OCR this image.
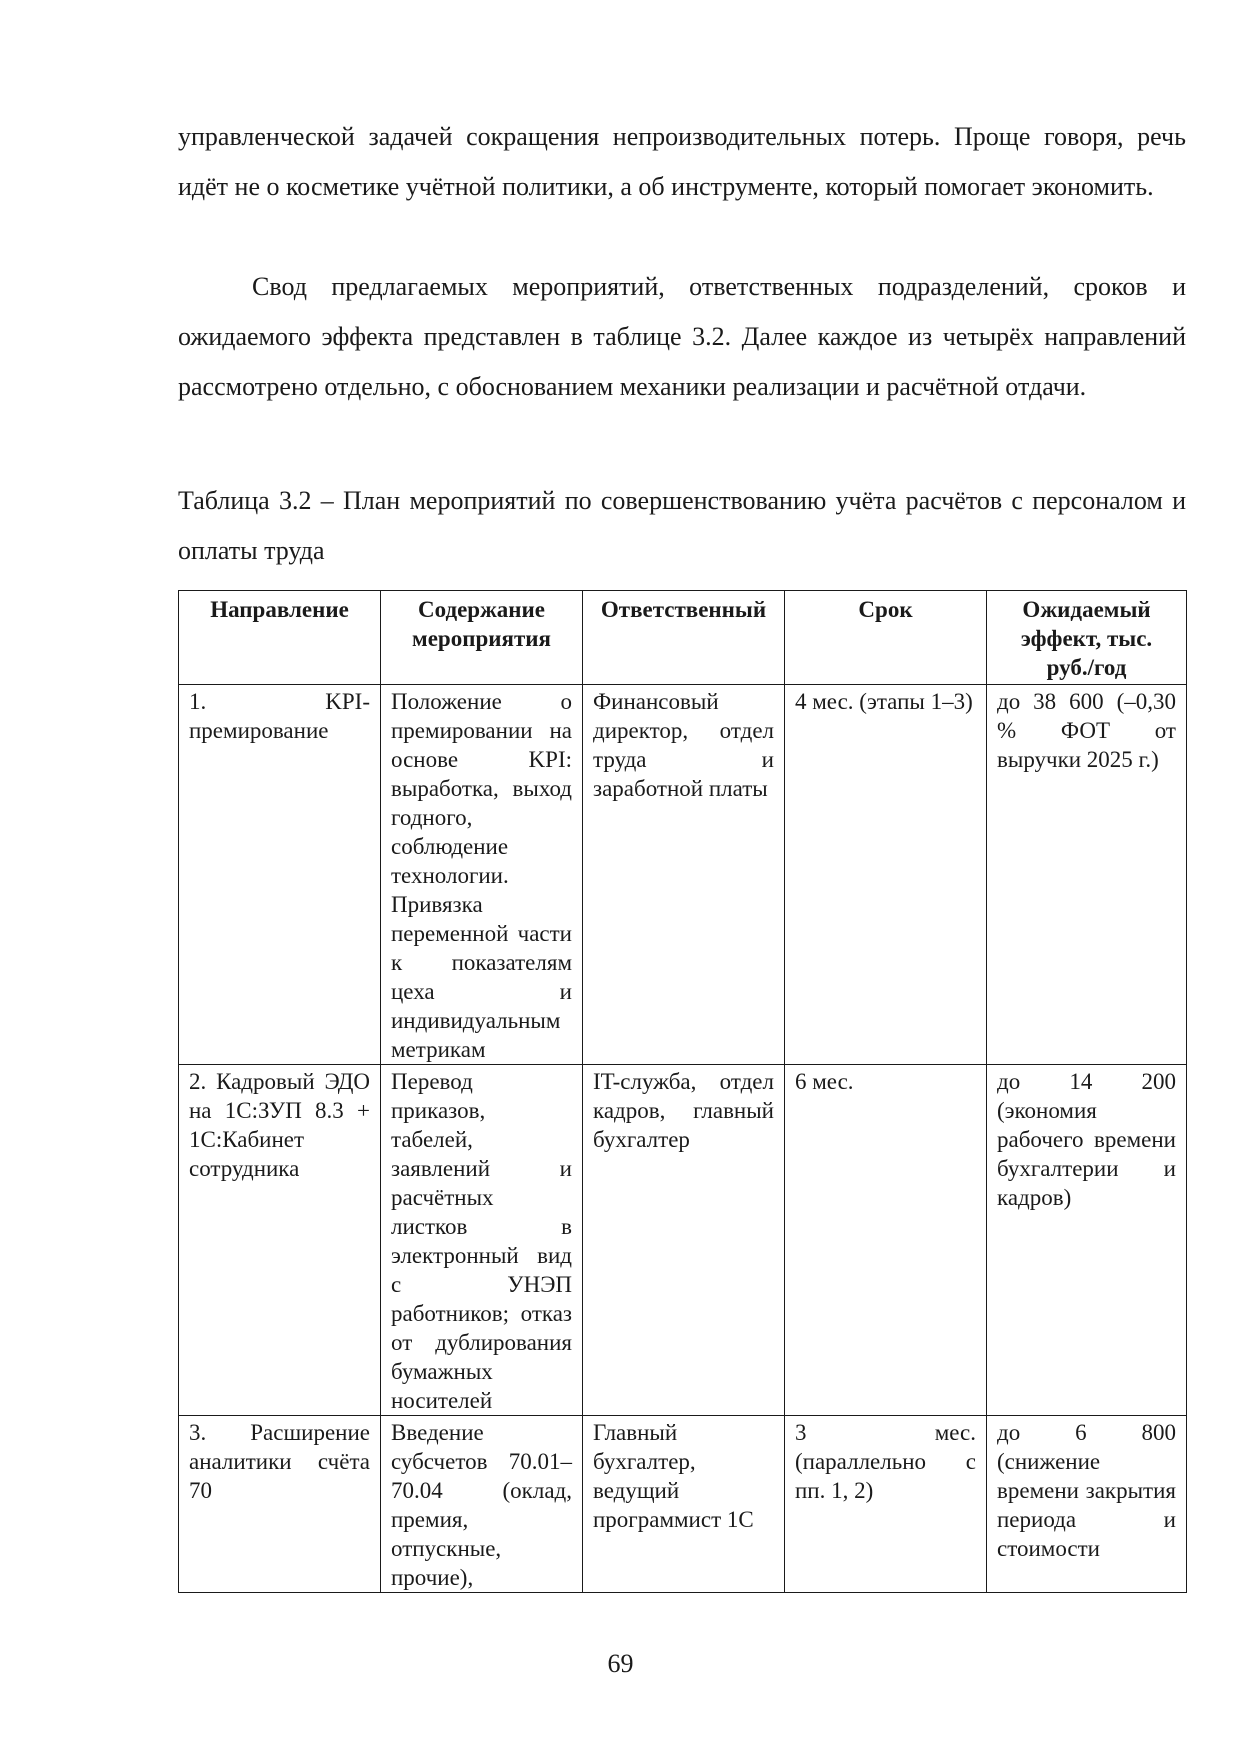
управленческой задачей сокращения непроизводительных потерь. Проще говоря, речь идёт не о косметике учётной политики, а об инструменте, который помогает экономить.

Свод предлагаемых мероприятий, ответственных подразделений, сроков и ожидаемого эффекта представлен в таблице 3.2. Далее каждое из четырёх направлений рассмотрено отдельно, с обоснованием механики реализации и расчётной отдачи.

Таблица 3.2 – План мероприятий по совершенствованию учёта расчётов с персоналом и оплаты труда

Направление	Содержание мероприятия	Ответственный	Срок	Ожидаемый эффект, тыс. руб./год
1. KPI-премирование	Положение о премировании на основе KPI: выработка, выход годного, соблюдение технологии. Привязка переменной части к показателям цеха и индивидуальным метрикам	Финансовый директор, отдел труда и заработной платы	4 мес. (этапы 1–3)	до 38 600 (–0,30 % ФОТ от выручки 2025 г.)
2. Кадровый ЭДО на 1С:ЗУП 8.3 + 1С:Кабинет сотрудника	Перевод приказов, табелей, заявлений и расчётных листков в электронный вид с УНЭП работников; отказ от дублирования бумажных носителей	IT-служба, отдел кадров, главный бухгалтер	6 мес.	до 14 200 (экономия рабочего времени бухгалтерии и кадров)
3. Расширение аналитики счёта 70	Введение субсчетов 70.01–70.04 (оклад, премия, отпускные, прочие),	Главный бухгалтер, ведущий программист 1С	3 мес. (параллельно с пп. 1, 2)	до 6 800 (снижение времени закрытия периода и стоимости
69
